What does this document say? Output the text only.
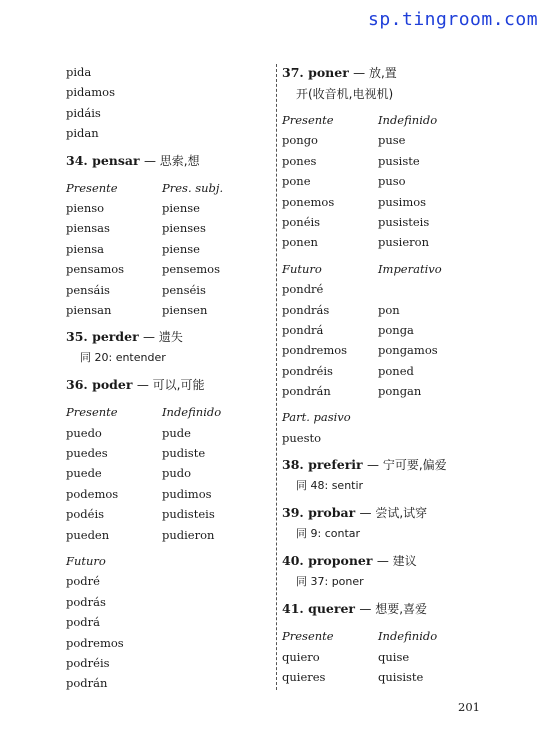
sp.tingroom.com
pida
pidamos
pidáis
pidan
34. pensar — 思索,想
Presente	Pres. subj.
pienso	piense
piensas	pienses
piensa	piense
pensamos	pensemos
pensáis	penséis
piensan	piensen
35. perder — 遗失
同 20: entender
36. poder — 可以,可能
Presente	Indefinido
puedo	pude
puedes	pudiste
puede	pudo
podemos	pudimos
podéis	pudisteis
pueden	pudieron
Futuro
podré
podrás
podrá
podremos
podréis
podrán
37. poner — 放,置
开(收音机,电视机)
Presente	Indefinido
pongo	puse
pones	pusiste
pone	puso
ponemos	pusimos
ponéis	pusisteis
ponen	pusieron
Futuro	Imperativo
pondré
pondrás	pon
pondrá	ponga
pondremos	pongamos
pondréis	poned
pondrán	pongan
Part. pasivo
puesto
38. preferir — 宁可要,偏爱
同 48: sentir
39. probar — 尝试,试穿
同 9: contar
40. proponer — 建议
同 37: poner
41. querer — 想要,喜爱
Presente	Indefinido
quiero	quise
quieres	quisiste
201
